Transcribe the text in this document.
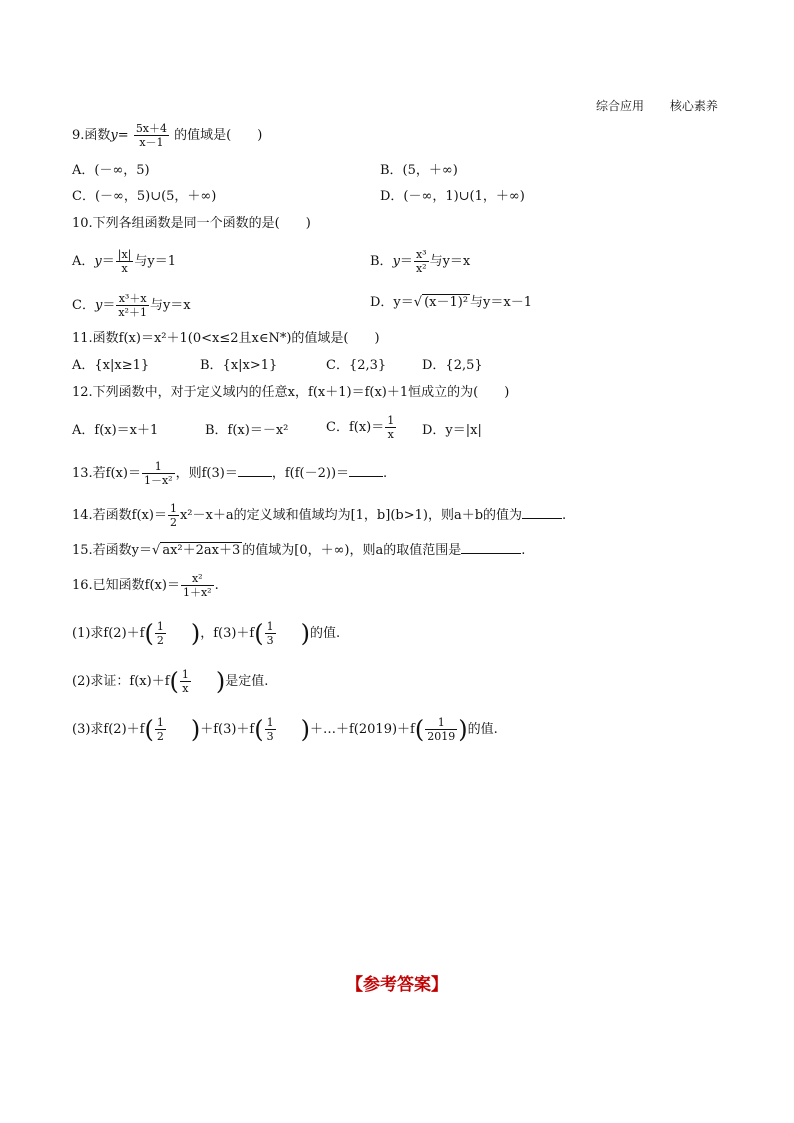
综合应用 核心素养
9.函数$y= \frac{5x+4}{x-1}$ 的值域是(　　)
A．(－∞，5)	B．(5，＋∞)
C．(－∞，5)∪(5，＋∞)	D．(－∞，1)∪(1，＋∞)
10.下列各组函数是同一个函数的是(　　)
A．$y= \frac{|x|}{x}$ 与y＝1	B．$y= \frac{\text{x³}}{\text{x²}}$ 与y＝x
C．$y= \frac{\text{x³＋x}}{\text{x²＋1}}$ 与y＝x	D．y＝√ (x－1)² 与y＝x－1
11.函数f(x)＝x²＋1(0<x≤2且x∈N*)的值域是(　　)
A．{x|x≥1}	B．{x|x>1}	C．{2,3}	D．{2,5}
12.下列函数中，对于定义域内的任意x，f(x＋1)＝f(x)＋1恒成立的为(　　)
A．f(x)＝x＋1	B．f(x)＝－x²	C．$f(x)= \frac{1}{x}$ D．y＝|x|
13.若$f(x)= \frac{1}{\text{1－x²}}$ ，则f(3)＝	，f(f(－2))＝	.
14.若函数$f(x)= \frac{1}{2} x^2-x+a$的定义域和值域均为[1，b](b>1)，则a＋b的值为	.
15.若函数y＝√ ax²＋2ax＋3 的值域为[0，＋∞)，则a的取值范围是	.
16.已知函数$f(x)= \frac{\text{x²}}{\text{1＋x²}}$ .
(1)求$f(2)+f( \frac{1}{2}$  )，$f(3)+f( \frac{1}{3}$  )的值.
(2)求证：$f(x)+f( \frac{1}{x}$  )是定值.
(3)求$f(2)+f( \frac{1}{2}$  )$+f(3)+f( \frac{1}{3}$  )＋…＋f(2019)＋f( $\frac{1}{2019}$ )的值.
【参考答案】
